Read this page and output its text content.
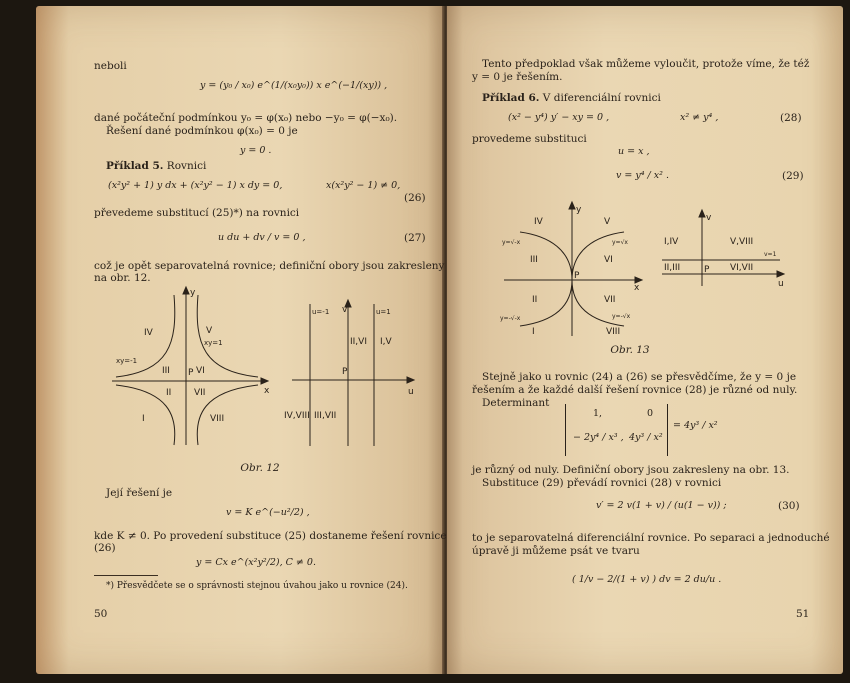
neboli
y = (y₀ / x₀) e^(1/(x₀y₀)) x e^(−1/(xy)) ,
dané počáteční podmínkou y₀ = φ(x₀) nebo −y₀ = φ(−x₀).
Řešení dané podmínkou φ(x₀) = 0 je
y = 0 .
Příklad 5. Rovnici
(x²y² + 1) y dx + (x²y² − 1) x dy = 0,	x(x²y² − 1) ≠ 0,
(26)
převedeme substitucí (25)*) na rovnici
u du + dv / v = 0 ,	(27)
což je opět separovatelná rovnice; definiční obory jsou zakresleny
na obr. 12.
y
x
P
xy=-1
xy=1
IV	V
III	VI
II	VII
I	VIII
u=-1 v	u=1
u
P
II,VI I,V
IV,VIII III,VII
Obr. 12
Její řešení je
v = K e^(−u²/2) ,
kde K ≠ 0. Po provedení substituce (25) dostaneme řešení rovnice
(26)
y = Cx e^(x²y²/2), C ≠ 0.
*) Přesvědčete se o správnosti stejnou úvahou jako u rovnice (24).
50
Tento předpoklad však můžeme vyloučit, protože víme, že též
y = 0 je řešením.
Příklad 6. V diferenciální rovnici
(x² − y⁴) y′ − xy = 0 ,	x² ≠ y⁴ ,	(28)
provedeme substituci
u = x ,
v = y⁴ / x² .	(29)
y
x
P
y=√x
y=-√-x
y=√-x
y=-√x
IV	V
III	VI
II	VII
I	VIII
v
u
P
v=1
I,IV	V,VIII
II,III	VI,VII
Obr. 13
Stejně jako u rovnic (24) a (26) se přesvědčíme, že y = 0 je
řešením a že každé další řešení rovnice (28) je různé od nuly.
Determinant
1,	0
− 2y⁴ / x³ , 4y³ / x²
= 4y³ / x²
je různý od nuly. Definiční obory jsou zakresleny na obr. 13.
Substituce (29) převádí rovnici (28) v rovnici
v′ = 2 v(1 + v) / (u(1 − v)) ;	(30)
to je separovatelná diferenciální rovnice. Po separaci a jednoduché
úpravě ji můžeme psát ve tvaru
( 1/v − 2/(1 + v) ) dv = 2 du/u .
51
